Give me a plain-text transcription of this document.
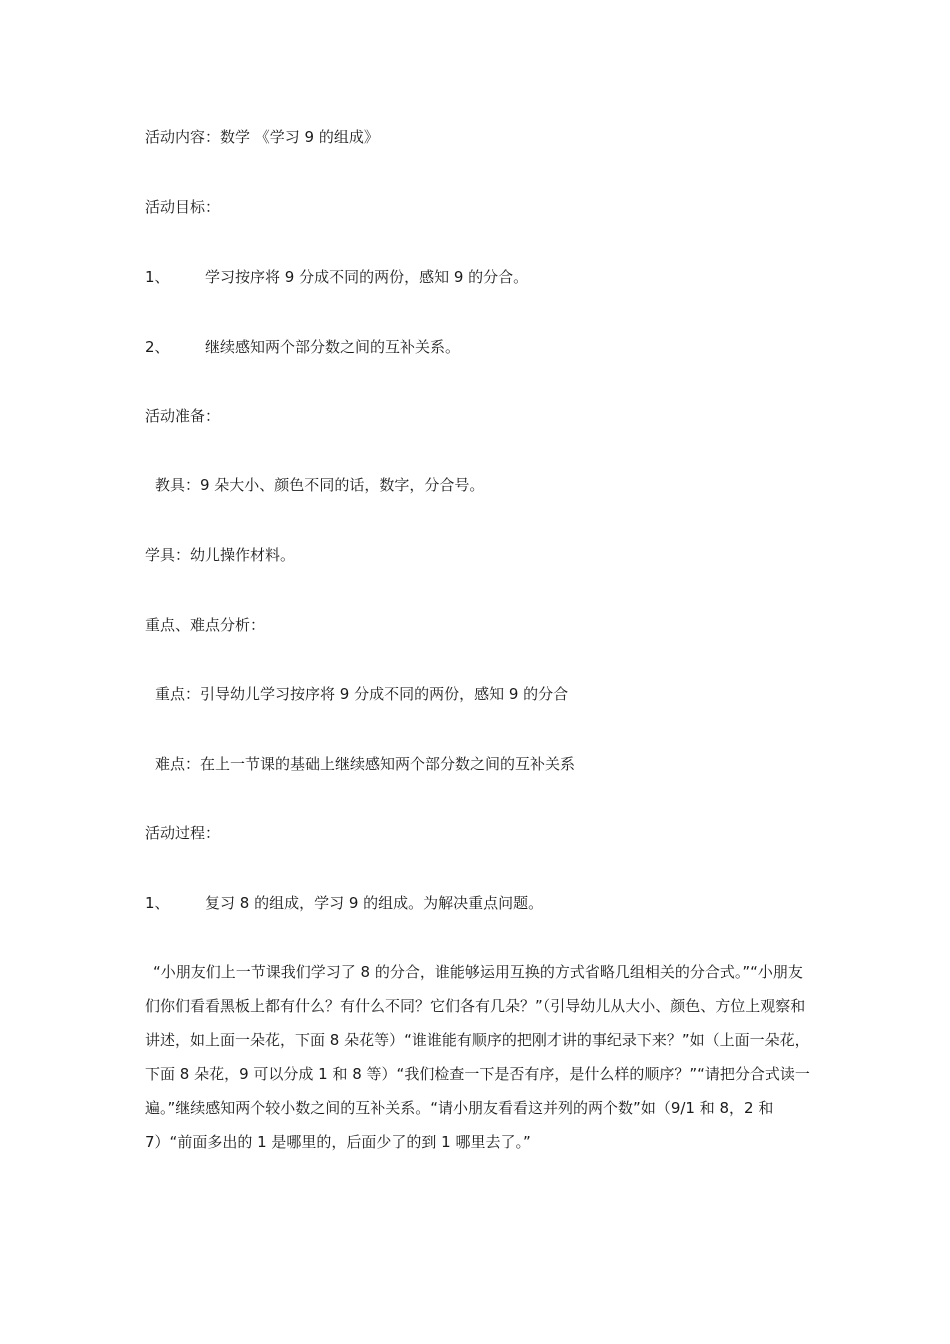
活动内容：数学 《学习 9 的组成》
活动目标：
1、 学习按序将 9 分成不同的两份，感知 9 的分合。
2、 继续感知两个部分数之间的互补关系。
活动准备：
教具：9 朵大小、颜色不同的话，数字，分合号。
学具：幼儿操作材料。
重点、难点分析：
重点：引导幼儿学习按序将 9 分成不同的两份，感知 9 的分合
难点：在上一节课的基础上继续感知两个部分数之间的互补关系
活动过程：
1、 复习 8 的组成，学习 9 的组成。为解决重点问题。
“小朋友们上一节课我们学习了 8 的分合，谁能够运用互换的方式省略几组相关的分合式。”“小朋友们你们看看黑板上都有什么？有什么不同？它们各有几朵？”（引导幼儿从大小、颜色、方位上观察和讲述，如上面一朵花，下面 8 朵花等）“谁谁能有顺序的把刚才讲的事纪录下来？”如（上面一朵花，下面 8 朵花，9 可以分成 1 和 8 等）“我们检查一下是否有序，是什么样的顺序？”“请把分合式读一遍。”继续感知两个较小数之间的互补关系。“请小朋友看看这并列的两个数”如（9/1 和 8，2 和 7）“前面多出的 1 是哪里的，后面少了的到 1 哪里去了。”
